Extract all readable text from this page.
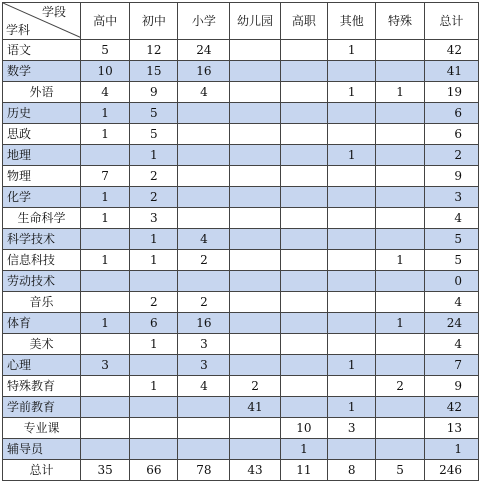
学段
学科	高中	初中	小学	幼儿园	高职	其他	特殊	总计
语文	5	12	24			1		42
数学	10	15	16					41
外语	4	9	4			1	1	19
历史	1	5						6
思政	1	5						6
地理		1				1		2
物理	7	2						9
化学	1	2						3
生命科学	1	3						4
科学技术		1	4					5
信息科技	1	1	2				1	5
劳动技术								0
音乐		2	2					4
体育	1	6	16				1	24
美术		1	3					4
心理	3		3			1		7
特殊教育		1	4	2			2	9
学前教育				41		1		42
专业课					10	3		13
辅导员					1			1
总计	35	66	78	43	11	8	5	246
